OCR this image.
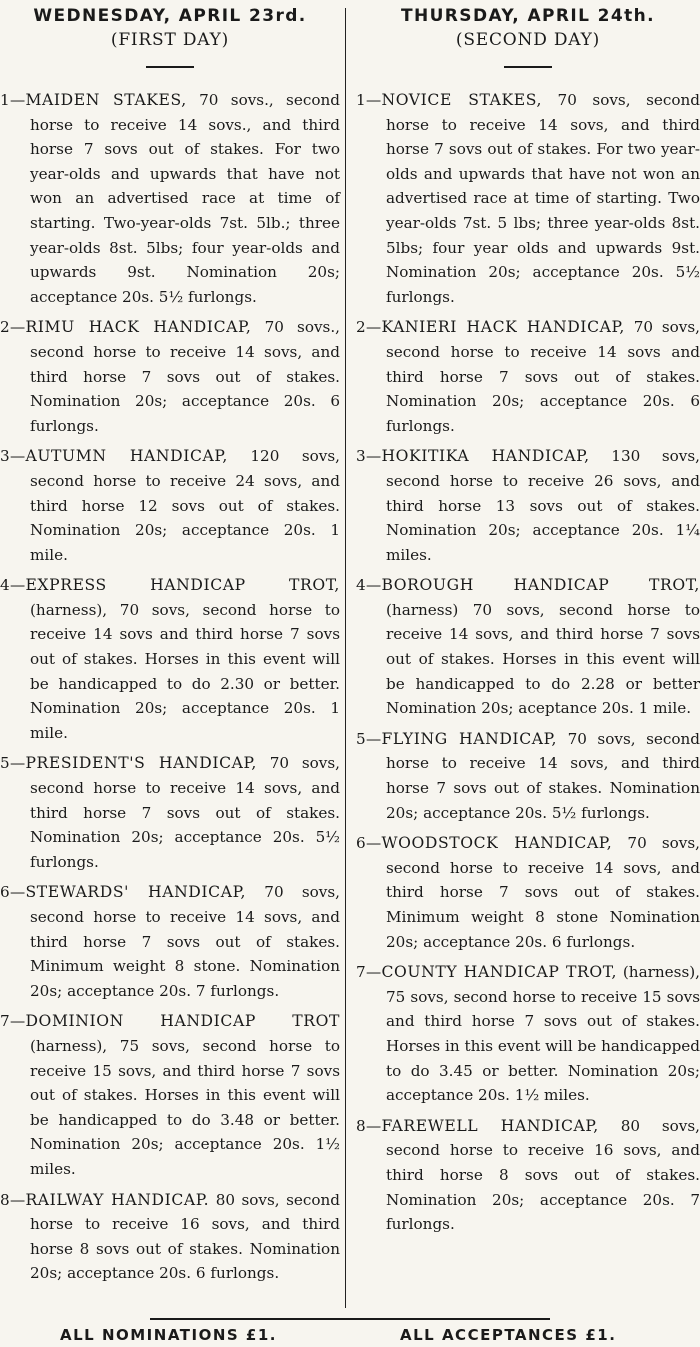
WEDNESDAY, APRIL 23rd.
(FIRST DAY)

1—MAIDEN STAKES, 70 sovs., second horse to receive 14 sovs., and third horse 7 sovs out of stakes. For two year-olds and upwards that have not won an advertised race at time of starting. Two-year-olds 7st. 5lb.; three year-olds 8st. 5lbs; four year-olds and upwards 9st. Nomination 20s; acceptance 20s. 5½ furlongs.

2—RIMU HACK HANDICAP, 70 sovs., second horse to receive 14 sovs, and third horse 7 sovs out of stakes. Nomination 20s; acceptance 20s. 6 furlongs.

3—AUTUMN HANDICAP, 120 sovs, second horse to receive 24 sovs, and third horse 12 sovs out of stakes. Nomination 20s; acceptance 20s. 1 mile.

4—EXPRESS HANDICAP TROT, (harness), 70 sovs, second horse to receive 14 sovs and third horse 7 sovs out of stakes. Horses in this event will be handicapped to do 2.30 or better. Nomination 20s; acceptance 20s. 1 mile.

5—PRESIDENT'S HANDICAP, 70 sovs, second horse to receive 14 sovs, and third horse 7 sovs out of stakes. Nomination 20s; acceptance 20s. 5½ furlongs.

6—STEWARDS' HANDICAP, 70 sovs, second horse to receive 14 sovs, and third horse 7 sovs out of stakes. Minimum weight 8 stone. Nomination 20s; acceptance 20s. 7 furlongs.

7—DOMINION HANDICAP TROT (harness), 75 sovs, second horse to receive 15 sovs, and third horse 7 sovs out of stakes. Horses in this event will be handicapped to do 3.48 or better. Nomination 20s; acceptance 20s. 1½ miles.

8—RAILWAY HANDICAP. 80 sovs, second horse to receive 16 sovs, and third horse 8 sovs out of stakes. Nomination 20s; acceptance 20s. 6 furlongs.

THURSDAY, APRIL 24th.
(SECOND DAY)

1—NOVICE STAKES, 70 sovs, second horse to receive 14 sovs, and third horse 7 sovs out of stakes. For two year-olds and upwards that have not won an advertised race at time of starting. Two year-olds 7st. 5 lbs; three year-olds 8st. 5lbs; four year olds and upwards 9st. Nomination 20s; acceptance 20s. 5½ furlongs.

2—KANIERI HACK HANDICAP, 70 sovs, second horse to receive 14 sovs and third horse 7 sovs out of stakes. Nomination 20s; acceptance 20s. 6 furlongs.

3—HOKITIKA HANDICAP, 130 sovs, second horse to receive 26 sovs, and third horse 13 sovs out of stakes. Nomination 20s; acceptance 20s. 1¼ miles.

4—BOROUGH HANDICAP TROT, (harness) 70 sovs, second horse to receive 14 sovs, and third horse 7 sovs out of stakes. Horses in this event will be handicapped to do 2.28 or better Nomination 20s; aceptance 20s. 1 mile.

5—FLYING HANDICAP, 70 sovs, second horse to receive 14 sovs, and third horse 7 sovs out of stakes. Nomination 20s; acceptance 20s. 5½ furlongs.

6—WOODSTOCK HANDICAP, 70 sovs, second horse to receive 14 sovs, and third horse 7 sovs out of stakes. Minimum weight 8 stone Nomination 20s; acceptance 20s. 6 furlongs.

7—COUNTY HANDICAP TROT, (harness), 75 sovs, second horse to receive 15 sovs and third horse 7 sovs out of stakes. Horses in this event will be handicapped to do 3.45 or better. Nomination 20s; acceptance 20s. 1½ miles.

8—FAREWELL HANDICAP, 80 sovs, second horse to receive 16 sovs, and third horse 8 sovs out of stakes. Nomination 20s; acceptance 20s. 7 furlongs.

ALL NOMINATIONS £1.	ALL ACCEPTANCES £1.
